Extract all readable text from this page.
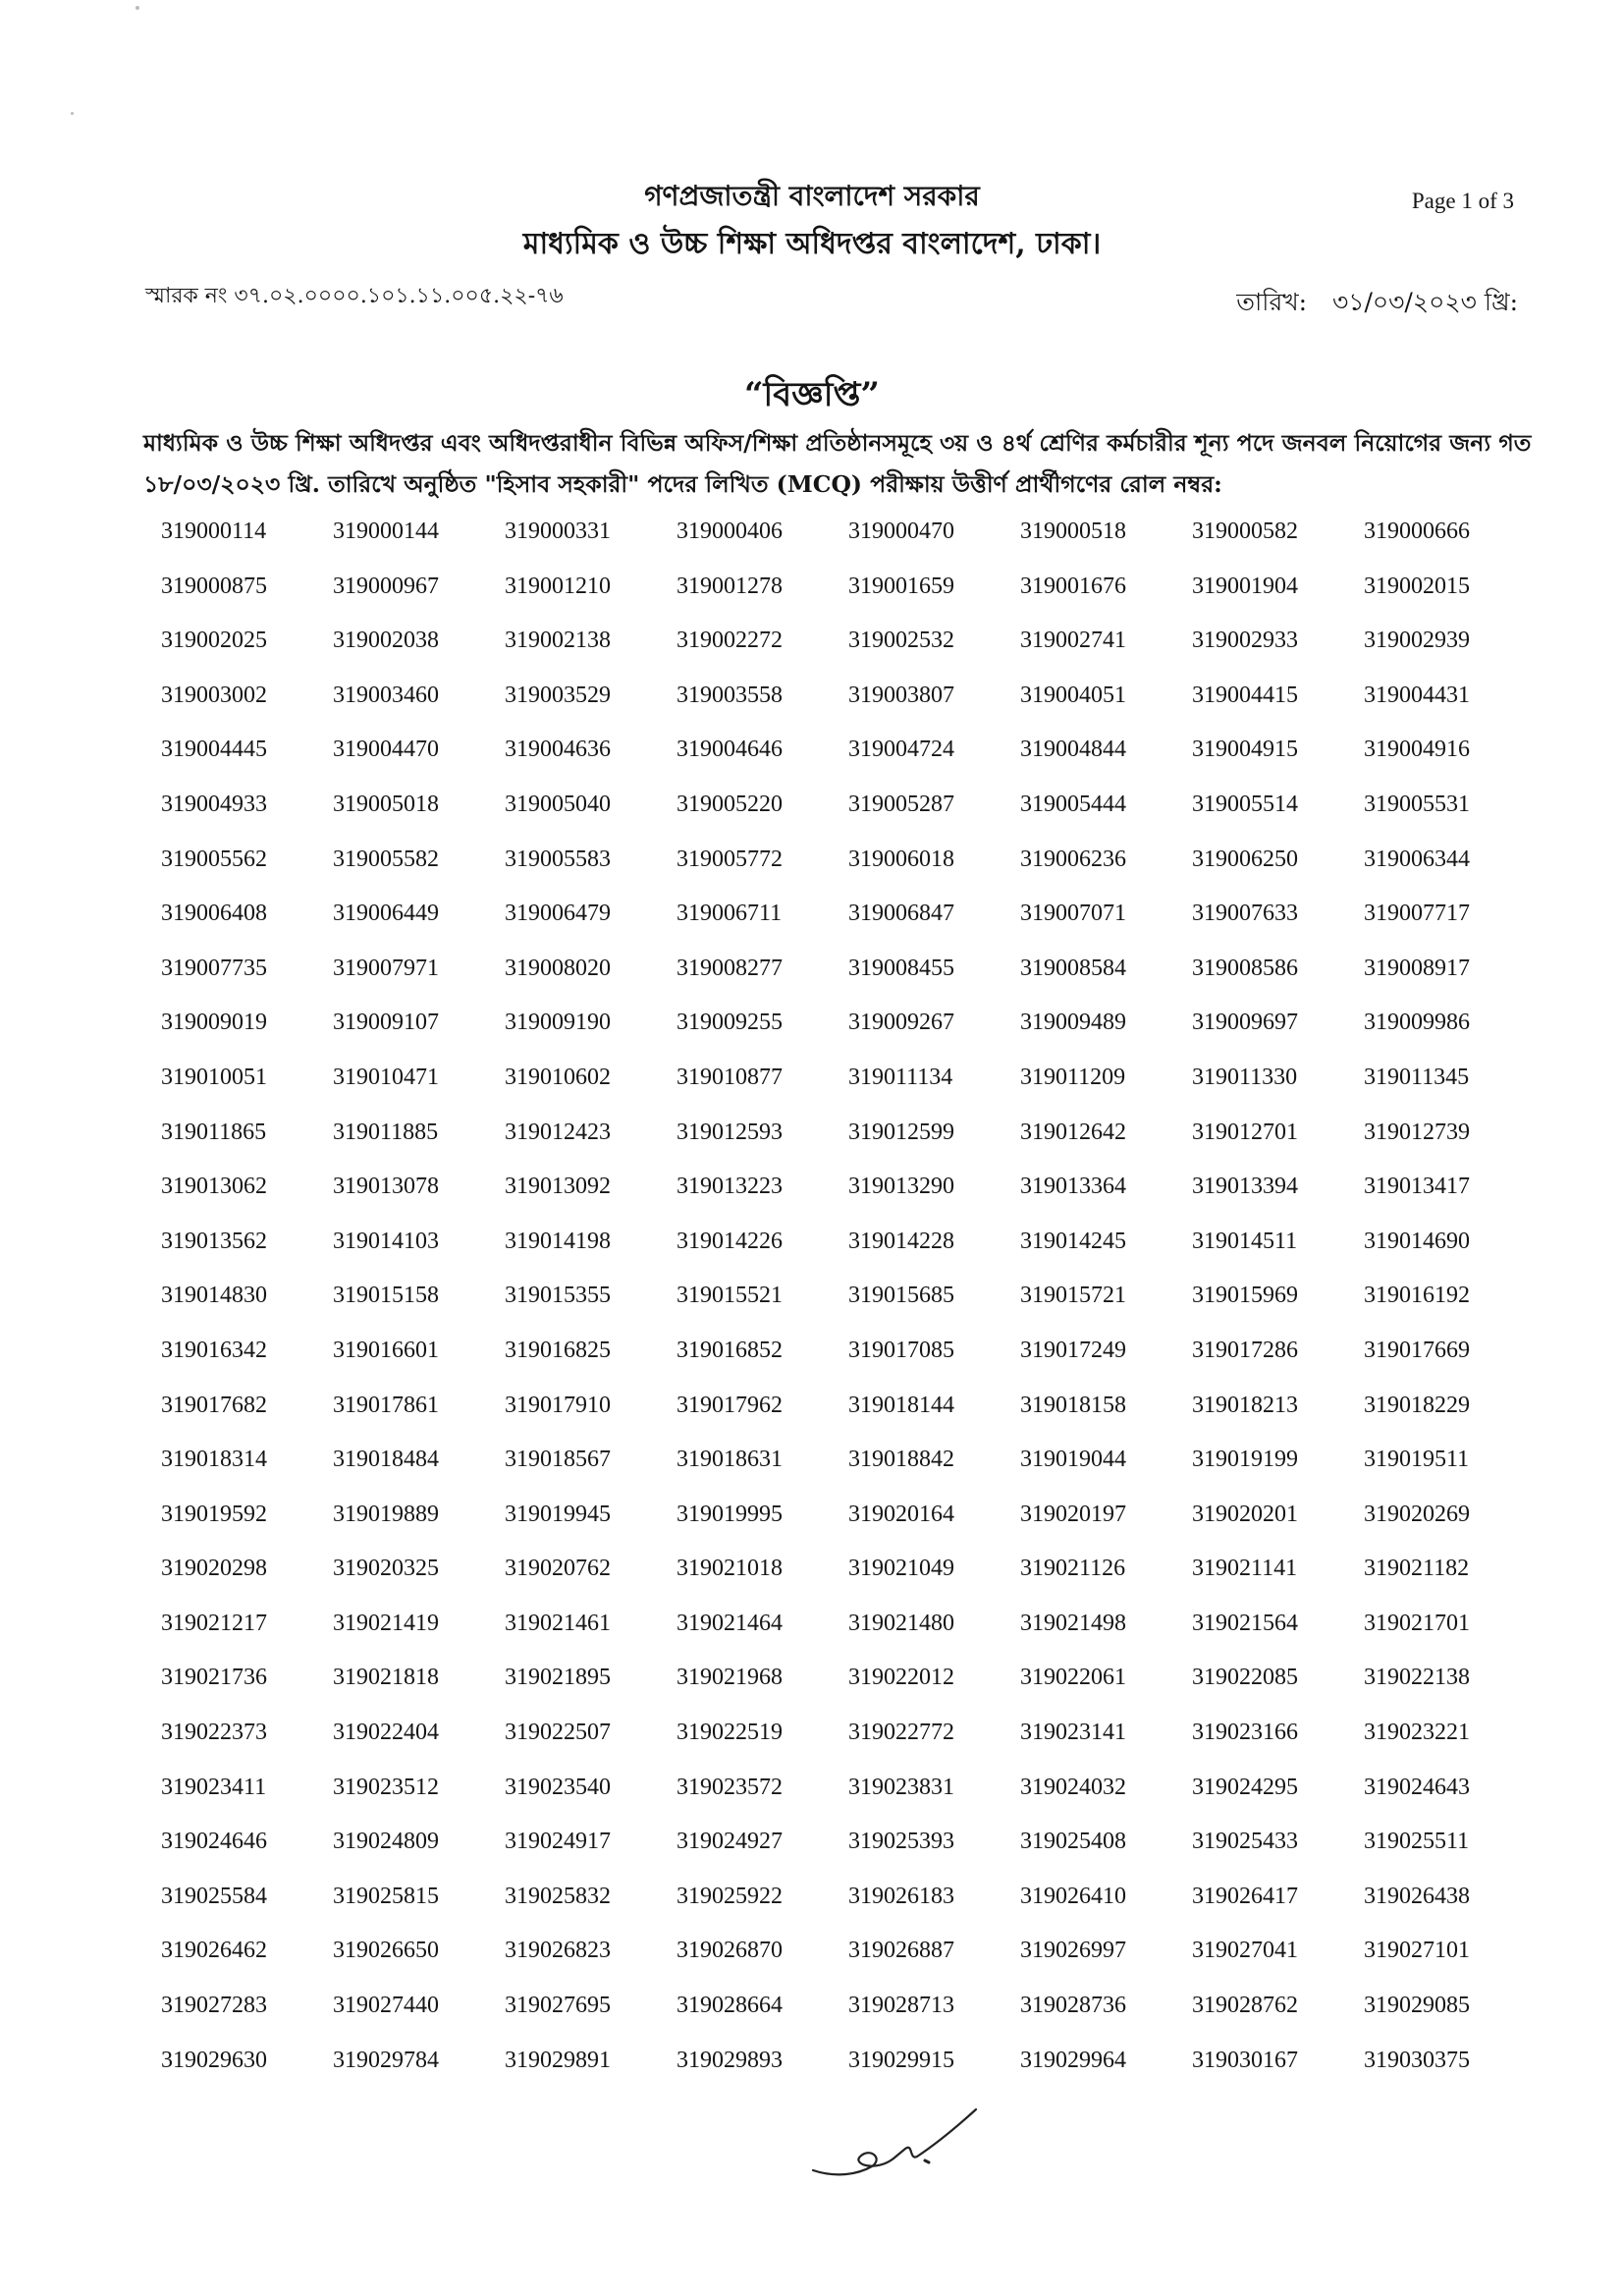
গণপ্রজাতন্ত্রী বাংলাদেশ সরকার
মাধ্যমিক ও উচ্চ শিক্ষা অধিদপ্তর বাংলাদেশ, ঢাকা।
Page 1 of 3
স্মারক নং ৩৭.০২.০০০০.১০১.১১.০০৫.২২-৭৬	তারিখ: ৩১/০৩/২০২৩ খ্রি:
“বিজ্ঞপ্তি”
মাধ্যমিক ও উচ্চ শিক্ষা অধিদপ্তর এবং অধিদপ্তরাধীন বিভিন্ন অফিস/শিক্ষা প্রতিষ্ঠানসমূহে ৩য় ও ৪র্থ শ্রেণির কর্মচারীর শূন্য পদে জনবল নিয়োগের জন্য গত ১৮/০৩/২০২৩ খ্রি. তারিখে অনুষ্ঠিত "হিসাব সহকারী" পদের লিখিত (MCQ) পরীক্ষায় উত্তীর্ণ প্রার্থীগণের রোল নম্বর:
319000114	319000144	319000331	319000406	319000470	319000518	319000582	319000666
319000875	319000967	319001210	319001278	319001659	319001676	319001904	319002015
319002025	319002038	319002138	319002272	319002532	319002741	319002933	319002939
319003002	319003460	319003529	319003558	319003807	319004051	319004415	319004431
319004445	319004470	319004636	319004646	319004724	319004844	319004915	319004916
319004933	319005018	319005040	319005220	319005287	319005444	319005514	319005531
319005562	319005582	319005583	319005772	319006018	319006236	319006250	319006344
319006408	319006449	319006479	319006711	319006847	319007071	319007633	319007717
319007735	319007971	319008020	319008277	319008455	319008584	319008586	319008917
319009019	319009107	319009190	319009255	319009267	319009489	319009697	319009986
319010051	319010471	319010602	319010877	319011134	319011209	319011330	319011345
319011865	319011885	319012423	319012593	319012599	319012642	319012701	319012739
319013062	319013078	319013092	319013223	319013290	319013364	319013394	319013417
319013562	319014103	319014198	319014226	319014228	319014245	319014511	319014690
319014830	319015158	319015355	319015521	319015685	319015721	319015969	319016192
319016342	319016601	319016825	319016852	319017085	319017249	319017286	319017669
319017682	319017861	319017910	319017962	319018144	319018158	319018213	319018229
319018314	319018484	319018567	319018631	319018842	319019044	319019199	319019511
319019592	319019889	319019945	319019995	319020164	319020197	319020201	319020269
319020298	319020325	319020762	319021018	319021049	319021126	319021141	319021182
319021217	319021419	319021461	319021464	319021480	319021498	319021564	319021701
319021736	319021818	319021895	319021968	319022012	319022061	319022085	319022138
319022373	319022404	319022507	319022519	319022772	319023141	319023166	319023221
319023411	319023512	319023540	319023572	319023831	319024032	319024295	319024643
319024646	319024809	319024917	319024927	319025393	319025408	319025433	319025511
319025584	319025815	319025832	319025922	319026183	319026410	319026417	319026438
319026462	319026650	319026823	319026870	319026887	319026997	319027041	319027101
319027283	319027440	319027695	319028664	319028713	319028736	319028762	319029085
319029630	319029784	319029891	319029893	319029915	319029964	319030167	319030375
